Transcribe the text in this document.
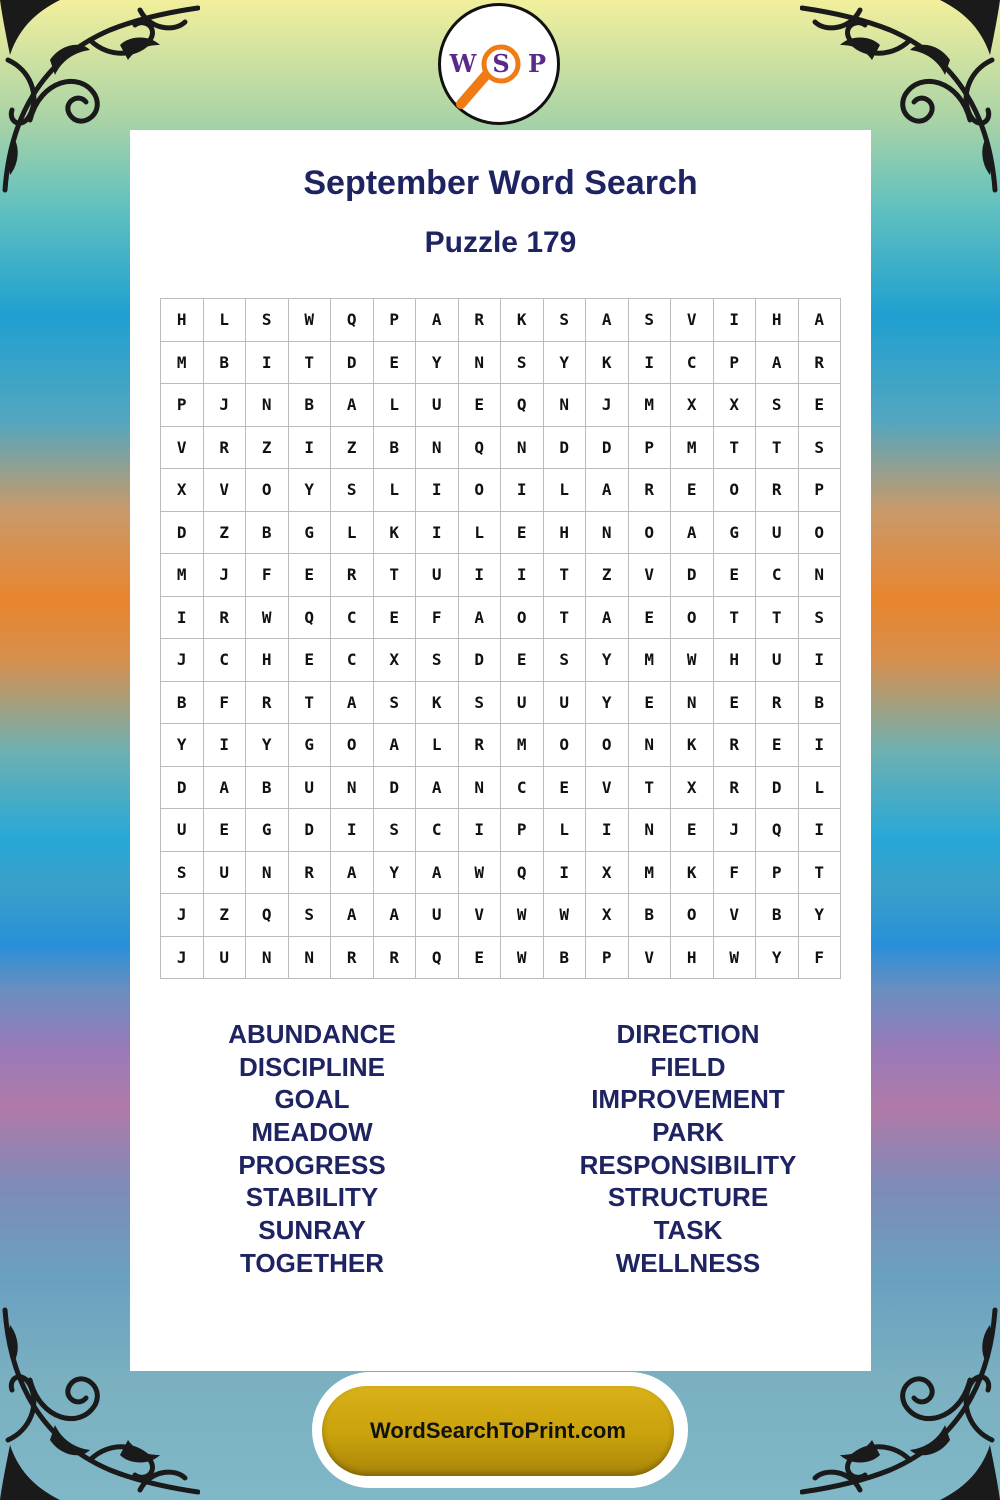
W S P
September Word Search
Puzzle 179
H	L	S	W	Q	P	A	R	K	S	A	S	V	I	H	A
M	B	I	T	D	E	Y	N	S	Y	K	I	C	P	A	R
P	J	N	B	A	L	U	E	Q	N	J	M	X	X	S	E
V	R	Z	I	Z	B	N	Q	N	D	D	P	M	T	T	S
X	V	O	Y	S	L	I	O	I	L	A	R	E	O	R	P
D	Z	B	G	L	K	I	L	E	H	N	O	A	G	U	O
M	J	F	E	R	T	U	I	I	T	Z	V	D	E	C	N
I	R	W	Q	C	E	F	A	O	T	A	E	O	T	T	S
J	C	H	E	C	X	S	D	E	S	Y	M	W	H	U	I
B	F	R	T	A	S	K	S	U	U	Y	E	N	E	R	B
Y	I	Y	G	O	A	L	R	M	O	O	N	K	R	E	I
D	A	B	U	N	D	A	N	C	E	V	T	X	R	D	L
U	E	G	D	I	S	C	I	P	L	I	N	E	J	Q	I
S	U	N	R	A	Y	A	W	Q	I	X	M	K	F	P	T
J	Z	Q	S	A	A	U	V	W	W	X	B	O	V	B	Y
J	U	N	N	R	R	Q	E	W	B	P	V	H	W	Y	F
ABUNDANCE
DISCIPLINE
GOAL
MEADOW
PROGRESS
STABILITY
SUNRAY
TOGETHER
DIRECTION
FIELD
IMPROVEMENT
PARK
RESPONSIBILITY
STRUCTURE
TASK
WELLNESS
WordSearchToPrint.com
